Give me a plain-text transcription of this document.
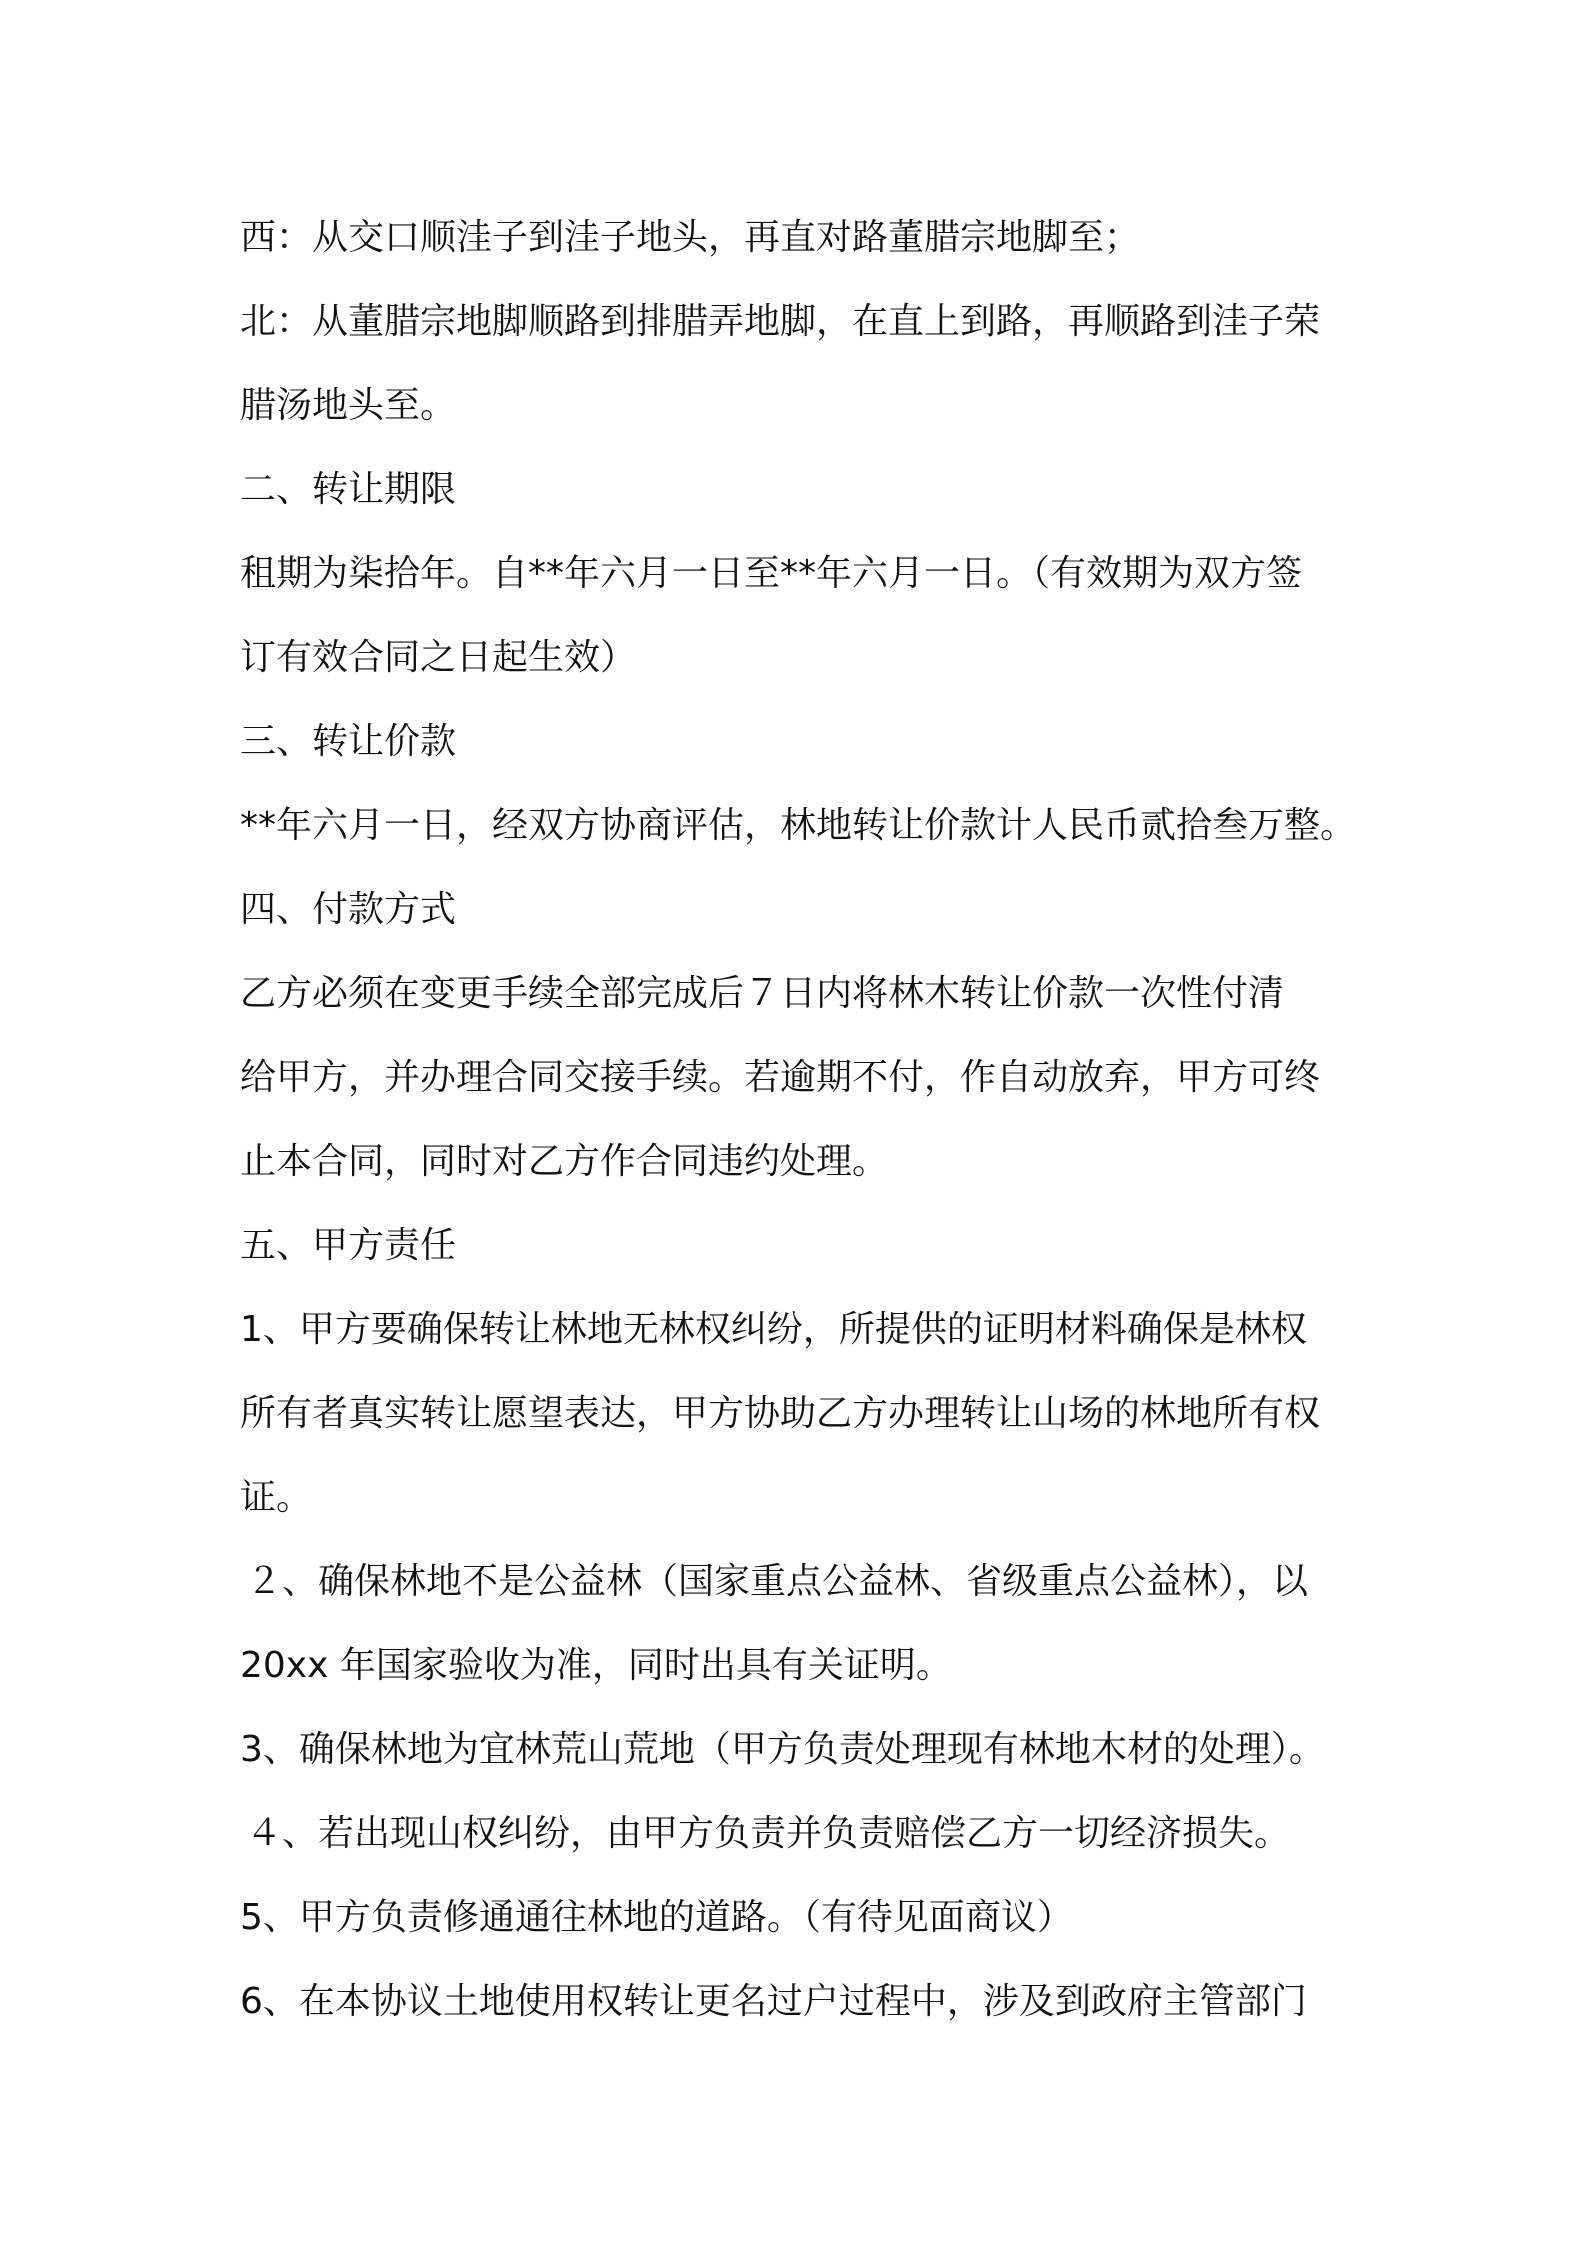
西：从交口顺洼子到洼子地头，再直对路董腊宗地脚至；
北：从董腊宗地脚顺路到排腊弄地脚，在直上到路，再顺路到洼子荣
腊汤地头至。
二、转让期限
租期为柒拾年。自**年六月一日至**年六月一日。（有效期为双方签
订有效合同之日起生效）
三、转让价款
**年六月一日，经双方协商评估，林地转让价款计人民币贰拾叁万整。
四、付款方式
乙方必须在变更手续全部完成后７日内将林木转让价款一次性付清
给甲方，并办理合同交接手续。若逾期不付，作自动放弃，甲方可终
止本合同，同时对乙方作合同违约处理。
五、甲方责任
1、甲方要确保转让林地无林权纠纷，所提供的证明材料确保是林权
所有者真实转让愿望表达，甲方协助乙方办理转让山场的林地所有权
证。
２、确保林地不是公益林（国家重点公益林、省级重点公益林），以
20xx 年国家验收为准，同时出具有关证明。
3、确保林地为宜林荒山荒地（甲方负责处理现有林地木材的处理）。
４、若出现山权纠纷，由甲方负责并负责赔偿乙方一切经济损失。
5、甲方负责修通通往林地的道路。（有待见面商议）
6、在本协议土地使用权转让更名过户过程中，涉及到政府主管部门
